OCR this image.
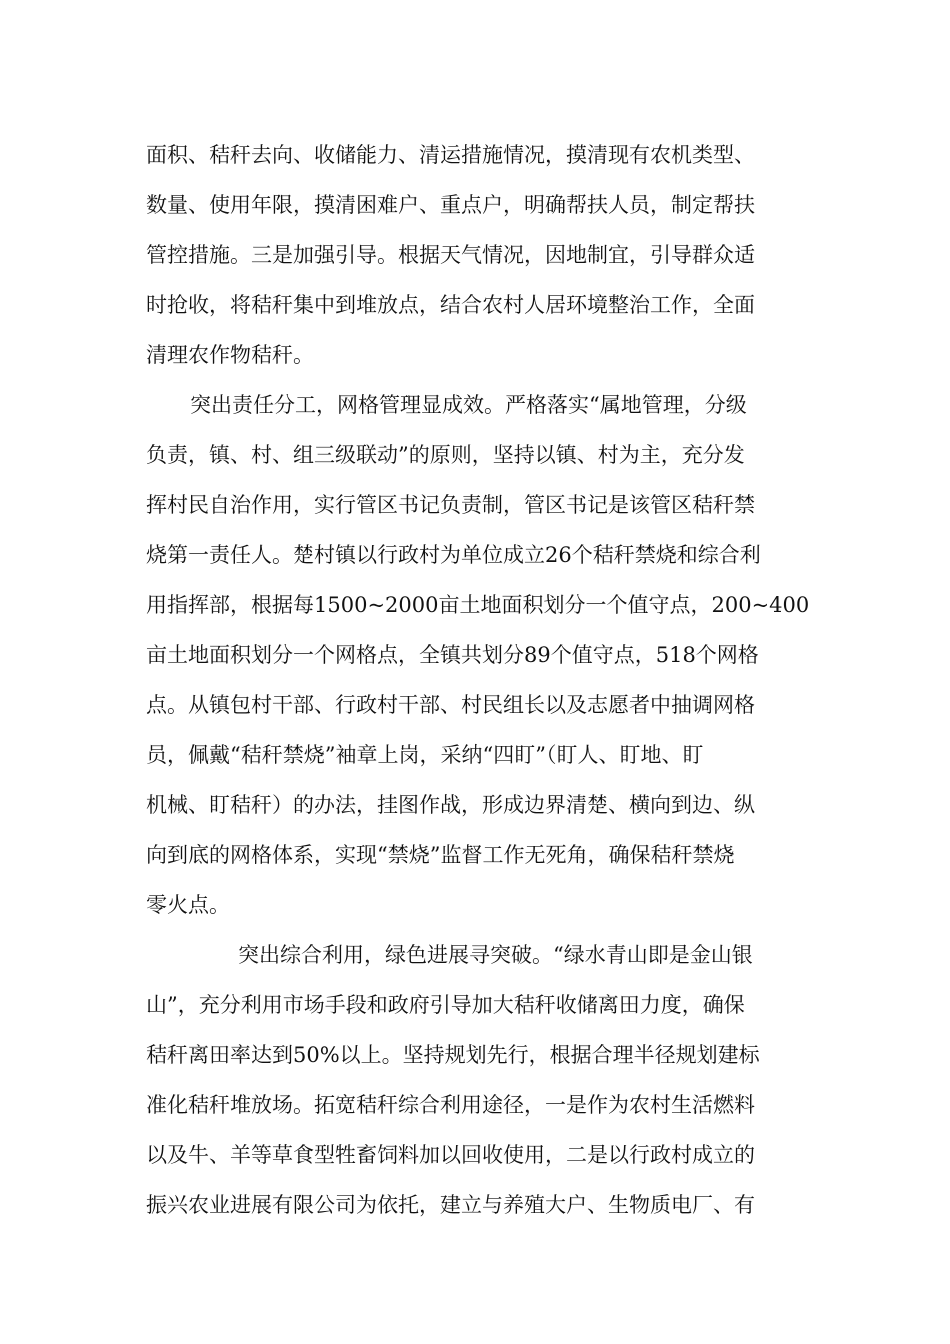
面积、秸秆去向、收储能力、清运措施情况，摸清现有农机类型、
数量、使用年限，摸清困难户、重点户，明确帮扶人员，制定帮扶
管控措施。三是加强引导。根据天气情况，因地制宜，引导群众适
时抢收，将秸秆集中到堆放点，结合农村人居环境整治工作，全面
清理农作物秸秆。
突出责任分工，网格管理显成效。严格落实“属地管理，分级
负责，镇、村、组三级联动”的原则，坚持以镇、村为主，充分发
挥村民自治作用，实行管区书记负责制，管区书记是该管区秸秆禁
烧第一责任人。楚村镇以行政村为单位成立26个秸秆禁烧和综合利
用指挥部，根据每1500~2000亩土地面积划分一个值守点，200~400
亩土地面积划分一个网格点，全镇共划分89个值守点，518个网格
点。从镇包村干部、行政村干部、村民组长以及志愿者中抽调网格
员，佩戴“秸秆禁烧”袖章上岗，采纳“四盯”（盯人、盯地、盯
机械、盯秸秆）的办法，挂图作战，形成边界清楚、横向到边、纵
向到底的网格体系，实现“禁烧”监督工作无死角，确保秸秆禁烧
零火点。
突出综合利用，绿色进展寻突破。“绿水青山即是金山银
山”，充分利用市场手段和政府引导加大秸秆收储离田力度，确保
秸秆离田率达到50%以上。坚持规划先行，根据合理半径规划建标
准化秸秆堆放场。拓宽秸秆综合利用途径，一是作为农村生活燃料
以及牛、羊等草食型牲畜饲料加以回收使用，二是以行政村成立的
振兴农业进展有限公司为依托，建立与养殖大户、生物质电厂、有
